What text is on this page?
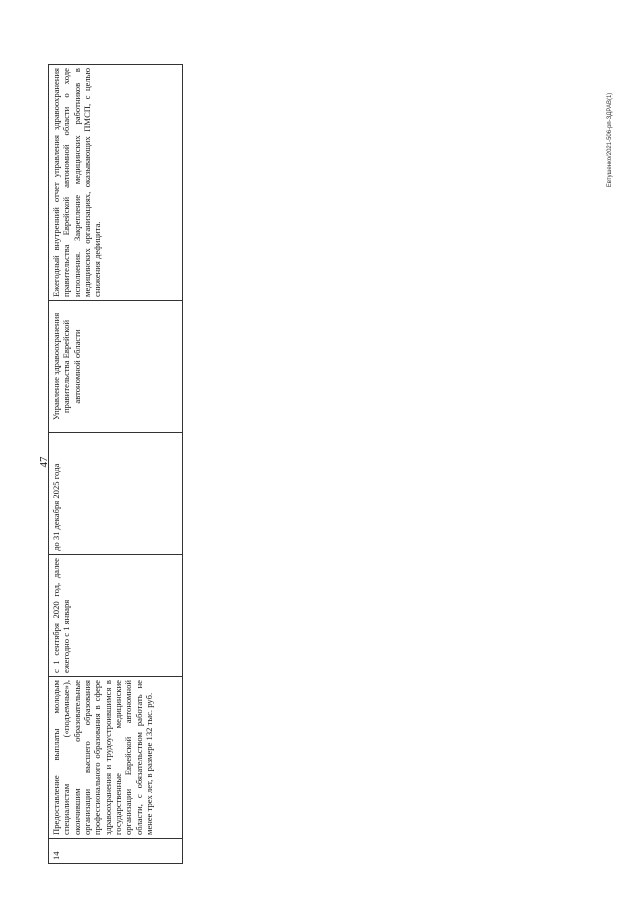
47
Евтушенко/2021-506-рп-ЗДРАВ(1)
14	Предоставление выплаты молодым специалистам («подъемные»), окончившим образовательные организации высшего образования профессионального образования в сфере здравоохранения и трудоустроившимся в государственные медицинские организации Еврейской автономной области, с обязательством работать не менее трех лет, в размере 132 тыс. руб.	с 1 сентября 2020 год, далее ежегодно с 1 января	до 31 декабря 2025 года	Управление здравоохранения правительства Еврейской автономной области	Ежегодный внутренний отчет управления здравоохранения правительства Еврейской автономной области о ходе исполнения. Закрепление медицинских работников в медицинских организациях, оказывающих ПМСП, с целью снижения дефицита.
